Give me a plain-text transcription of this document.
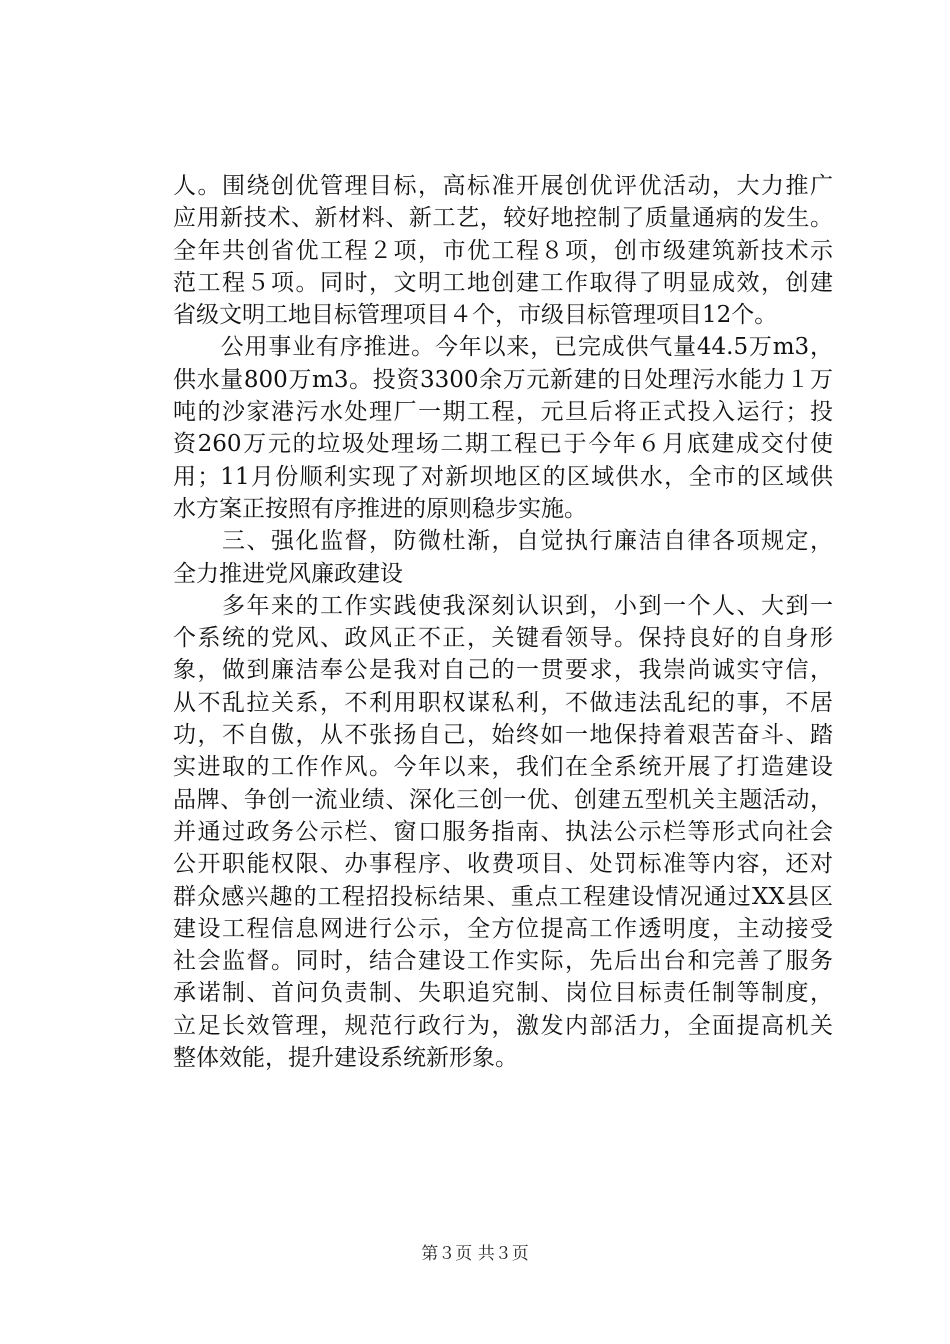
人。围绕创优管理目标，高标准开展创优评优活动，大力推广
应用新技术、新材料、新工艺，较好地控制了质量通病的发生。
全年共创省优工程２项，市优工程８项，创市级建筑新技术示
范工程５项。同时，文明工地创建工作取得了明显成效，创建
省级文明工地目标管理项目４个，市级目标管理项目12个。
　　公用事业有序推进。今年以来，已完成供气量44.5万m3，
供水量800万m3。投资3300余万元新建的日处理污水能力１万
吨的沙家港污水处理厂一期工程，元旦后将正式投入运行；投
资260万元的垃圾处理场二期工程已于今年６月底建成交付使
用；11月份顺利实现了对新坝地区的区域供水，全市的区域供
水方案正按照有序推进的原则稳步实施。
　　三、强化监督，防微杜渐，自觉执行廉洁自律各项规定，
全力推进党风廉政建设
　　多年来的工作实践使我深刻认识到，小到一个人、大到一
个系统的党风、政风正不正，关键看领导。保持良好的自身形
象，做到廉洁奉公是我对自己的一贯要求，我崇尚诚实守信，
从不乱拉关系，不利用职权谋私利，不做违法乱纪的事，不居
功，不自傲，从不张扬自己，始终如一地保持着艰苦奋斗、踏
实进取的工作作风。今年以来，我们在全系统开展了打造建设
品牌、争创一流业绩、深化三创一优、创建五型机关主题活动，
并通过政务公示栏、窗口服务指南、执法公示栏等形式向社会
公开职能权限、办事程序、收费项目、处罚标准等内容，还对
群众感兴趣的工程招投标结果、重点工程建设情况通过XX县区
建设工程信息网进行公示，全方位提高工作透明度，主动接受
社会监督。同时，结合建设工作实际，先后出台和完善了服务
承诺制、首问负责制、失职追究制、岗位目标责任制等制度，
立足长效管理，规范行政行为，激发内部活力，全面提高机关
整体效能，提升建设系统新形象。
第３页 共３页
